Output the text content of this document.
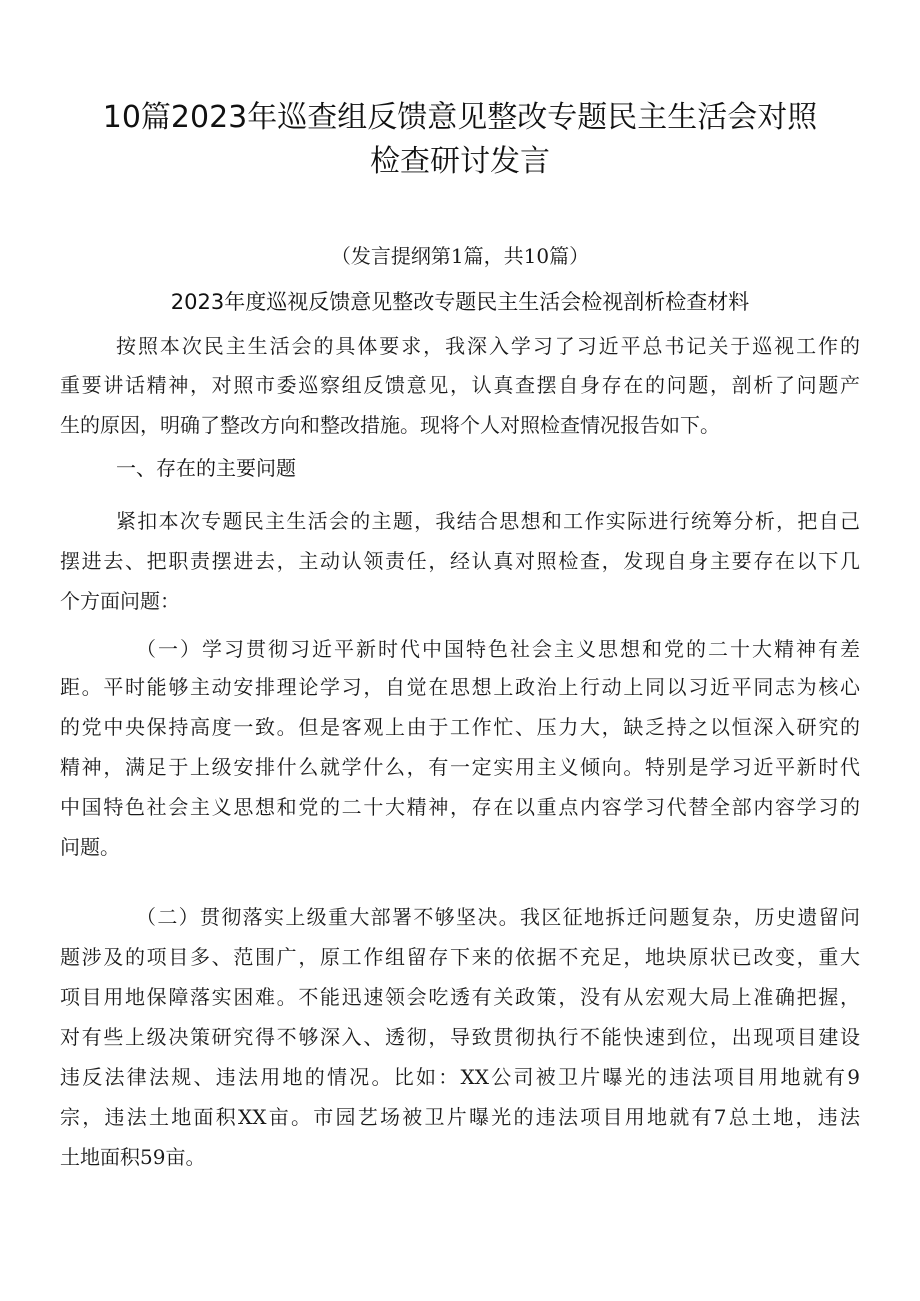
10篇2023年巡查组反馈意见整改专题民主生活会对照
检查研讨发言
（发言提纲第1篇，共10篇）
2023年度巡视反馈意见整改专题民主生活会检视剖析检查材料
按照本次民主生活会的具体要求，我深入学习了习近平总书记关于巡视工作的
重要讲话精神，对照市委巡察组反馈意见，认真查摆自身存在的问题，剖析了问题产
生的原因，明确了整改方向和整改措施。现将个人对照检查情况报告如下。
一、存在的主要问题
紧扣本次专题民主生活会的主题，我结合思想和工作实际进行统筹分析，把自己
摆进去、把职责摆进去，主动认领责任，经认真对照检查，发现自身主要存在以下几
个方面问题：
（一）学习贯彻习近平新时代中国特色社会主义思想和党的二十大精神有差
距。平时能够主动安排理论学习，自觉在思想上政治上行动上同以习近平同志为核心
的党中央保持高度一致。但是客观上由于工作忙、压力大，缺乏持之以恒深入研究的
精神，满足于上级安排什么就学什么，有一定实用主义倾向。特别是学习近平新时代
中国特色社会主义思想和党的二十大精神，存在以重点内容学习代替全部内容学习的
问题。
（二）贯彻落实上级重大部署不够坚决。我区征地拆迁问题复杂，历史遗留问
题涉及的项目多、范围广，原工作组留存下来的依据不充足，地块原状已改变，重大
项目用地保障落实困难。不能迅速领会吃透有关政策，没有从宏观大局上准确把握，
对有些上级决策研究得不够深入、透彻，导致贯彻执行不能快速到位，出现项目建设
违反法律法规、违法用地的情况。比如：XX公司被卫片曝光的违法项目用地就有9
宗，违法土地面积XX亩。市园艺场被卫片曝光的违法项目用地就有7总土地，违法
土地面积59亩。
